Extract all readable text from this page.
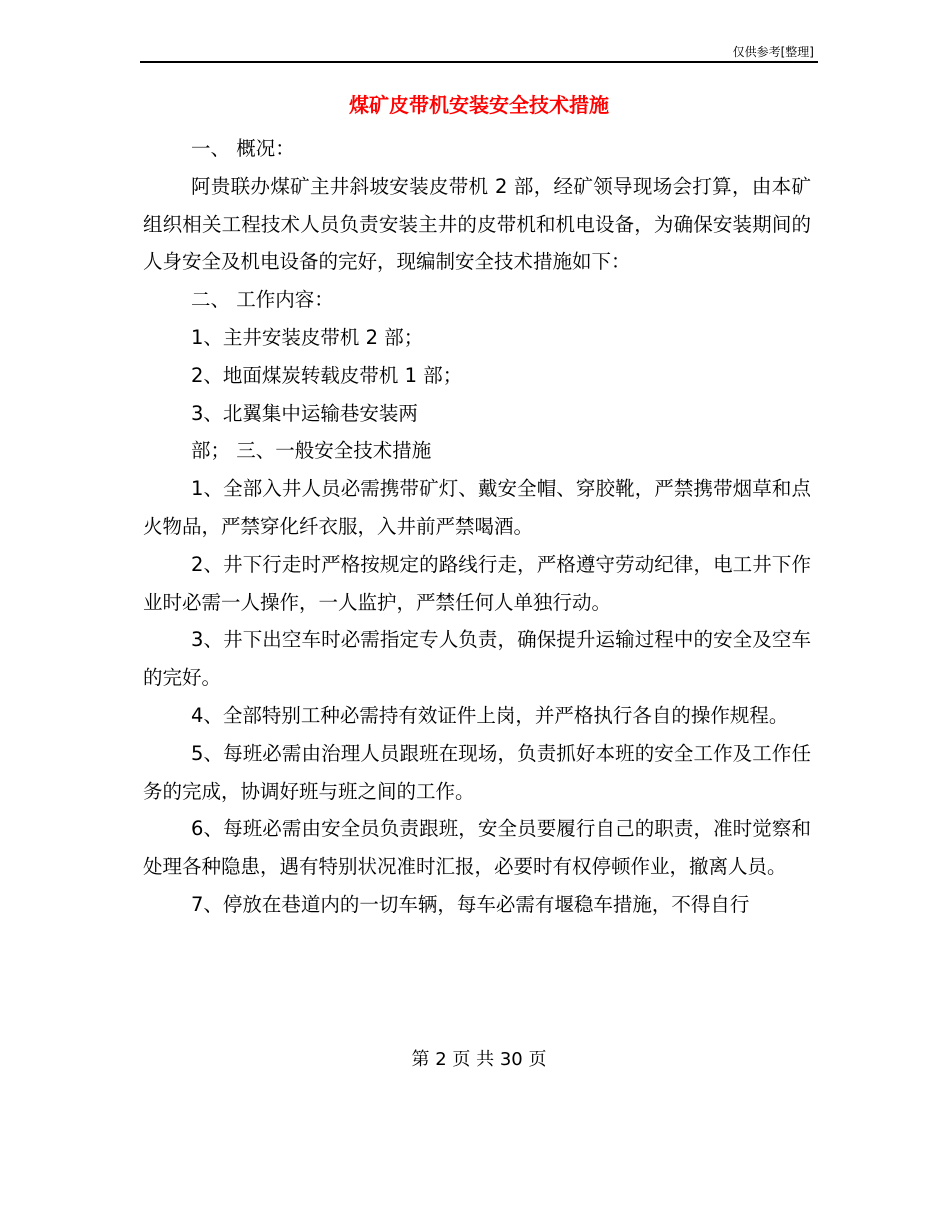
仅供参考[整理]
煤矿皮带机安装安全技术措施

一、 概况：

阿贵联办煤矿主井斜坡安装皮带机 2 部，经矿领导现场会打算，由本矿组织相关工程技术人员负责安装主井的皮带机和机电设备，为确保安装期间的人身安全及机电设备的完好，现编制安全技术措施如下：

二、 工作内容：

1、主井安装皮带机 2 部；

2、地面煤炭转载皮带机 1 部；

3、北翼集中运输巷安装两

部； 三、一般安全技术措施

1、全部入井人员必需携带矿灯、戴安全帽、穿胶靴，严禁携带烟草和点火物品，严禁穿化纤衣服，入井前严禁喝酒。

2、井下行走时严格按规定的路线行走，严格遵守劳动纪律，电工井下作业时必需一人操作，一人监护，严禁任何人单独行动。

3、井下出空车时必需指定专人负责，确保提升运输过程中的安全及空车的完好。

4、全部特别工种必需持有效证件上岗，并严格执行各自的操作规程。

5、每班必需由治理人员跟班在现场，负责抓好本班的安全工作及工作任务的完成，协调好班与班之间的工作。

6、每班必需由安全员负责跟班，安全员要履行自己的职责，准时觉察和处理各种隐患，遇有特别状况准时汇报，必要时有权停顿作业，撤离人员。

7、停放在巷道内的一切车辆，每车必需有堰稳车措施，不得自行

第 2 页 共 30 页
